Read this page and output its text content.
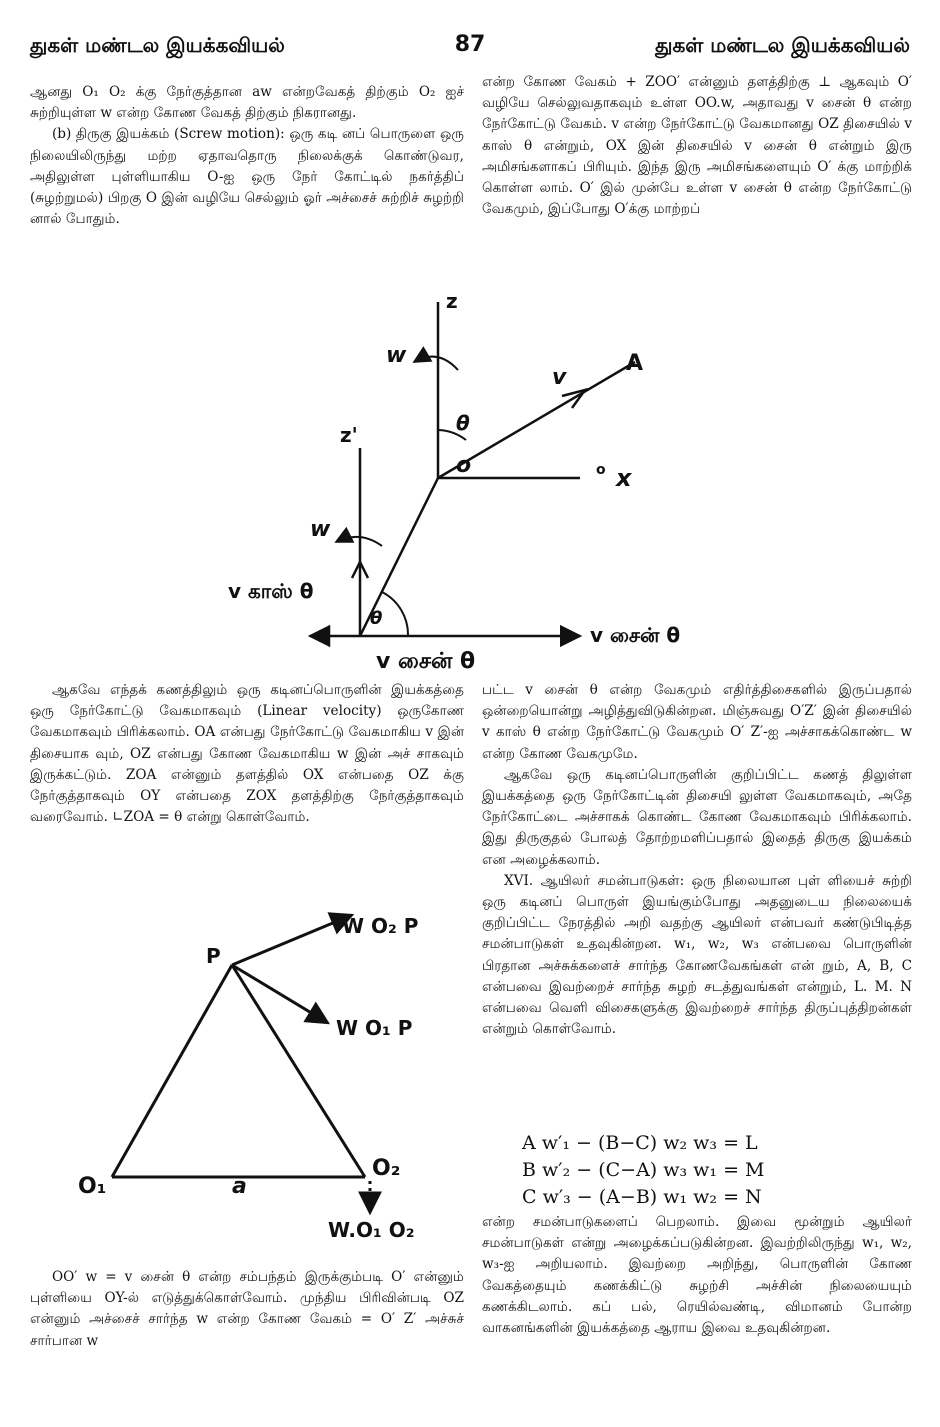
துகள் மண்டல இயக்கவியல்	87	துகள் மண்டல இயக்கவியல்

ஆனது O₁ O₂ க்கு நேர்குத்தான aw என்றவேகத் திற்கும் O₂ ஐச் சுற்றியுள்ள w என்ற கோண வேகத் திற்கும் நிகரானது.

(b) திருகு இயக்கம் (Screw motion): ஒரு கடி னப் பொருளை ஒரு நிலையிலிருந்து மற்ற ஏதாவதொரு நிலைக்குக் கொண்டுவர, அதிலுள்ள புள்ளியாகிய O-ஐ ஒரு நேர் கோட்டில் நகர்த்திப் (சுழற்றுமல்) பிறகு O இன் வழியே செல்லும் ஓர் அச்சைச் சுற்றிச் சுழற்றி னால் போதும்.

என்ற கோண வேகம் + ZOO′ என்னும் தளத்திற்கு ⊥ ஆகவும் O′ வழியே செல்லுவதாகவும் உள்ள OO.w, அதாவது v சைன் θ என்ற நேர்கோட்டு வேகம். v என்ற நேர்கோட்டு வேகமானது OZ திசையில் v காஸ் θ என்றும், OX இன் திசையில் v சைன் θ என்றும் இரு அமிசங்களாகப் பிரியும். இந்த இரு அமிசங்களையும் O′ க்கு மாற்றிக் கொள்ள லாம். O′ இல் முன்பே உள்ள v சைன் θ என்ற நேர்கோட்டு வேகமும், இப்போது O′க்கு மாற்றப்

z
z'
w
w
v
A
θ
o	x
o
θ
v காஸ் θ
v சைன் θ
v சைன் θ

ஆகவே எந்தக் கணத்திலும் ஒரு கடினப்பொருளின் இயக்கத்தை ஒரு நேர்கோட்டு வேகமாகவும் (Linear velocity) ஒருகோண வேகமாகவும் பிரிக்கலாம். OA என்பது நேர்கோட்டு வேகமாகிய v இன் திசையாக வும், OZ என்பது கோண வேகமாகிய w இன் அச் சாகவும் இருக்கட்டும். ZOA என்னும் தளத்தில் OX என்பதை OZ க்கு நேர்குத்தாகவும் OY என்பதை ZOX தளத்திற்கு நேர்குத்தாகவும் வரைவோம். ∟ZOA = θ என்று கொள்வோம்.

பட்ட v சைன் θ என்ற வேகமும் எதிர்த்திசைகளில் இருப்பதால் ஒன்றையொன்று அழித்துவிடுகின்றன. மிஞ்சுவது O′Z′ இன் திசையில் v காஸ் θ என்ற நேர்கோட்டு வேகமும் O′ Z′-ஐ அச்சாகக்கொண்ட w என்ற கோண வேகமுமே.

ஆகவே ஒரு கடினப்பொருளின் குறிப்பிட்ட கணத் திலுள்ள இயக்கத்தை ஒரு நேர்கோட்டின் திசையி லுள்ள வேகமாகவும், அதே நேர்கோட்டை அச்சாகக் கொண்ட கோண வேகமாகவும் பிரிக்கலாம். இது திருகுதல் போலத் தோற்றமளிப்பதால் இதைத் திருகு இயக்கம் என அழைக்கலாம்.

XVI. ஆயிலர் சமன்பாடுகள்: ஒரு நிலையான புள் ளியைச் சுற்றி ஒரு கடினப் பொருள் இயங்கும்போது அதனுடைய நிலையைக் குறிப்பிட்ட நேரத்தில் அறி வதற்கு ஆயிலர் என்பவர் கண்டுபிடித்த சமன்பாடுகள் உதவுகின்றன. w₁, w₂, w₃ என்பவை பொருளின் பிரதான அச்சுக்களைச் சார்ந்த கோணவேகங்கள் என் றும், A, B, C என்பவை இவற்றைச் சார்ந்த சுழற் சடத்துவங்கள் என்றும், L. M. N என்பவை வெளி விசைகளுக்கு இவற்றைச் சார்ந்த திருப்புத்திறன்கள் என்றும் கொள்வோம்.

A w′₁ − (B−C) w₂ w₃ = L
B w′₂ − (C−A) w₃ w₁ = M
C w′₃ − (A−B) w₁ w₂ = N

என்ற சமன்பாடுகளைப் பெறலாம். இவை மூன்றும் ஆயிலர் சமன்பாடுகள் என்று அழைக்கப்படுகின்றன. இவற்றிலிருந்து w₁, w₂, w₃-ஐ அறியலாம். இவற்றை அறிந்து, பொருளின் கோண வேகத்தையும் கணக்கிட்டு சுழற்சி அச்சின் நிலையையும் கணக்கிடலாம். கப் பல், ரெயில்வண்டி, விமானம் போன்ற வாகனங்களின் இயக்கத்தை ஆராய இவை உதவுகின்றன.

P
W O₂ P
W O₁ P
O₁	a
O₂
W.O₁ O₂

OO′ w = v சைன் θ என்ற சம்பந்தம் இருக்கும்படி O′ என்னும் புள்ளியை OY-ல் எடுத்துக்கொள்வோம். முந்திய பிரிவின்படி OZ என்னும் அச்சைச் சார்ந்த w என்ற கோண வேகம் = O′ Z′ அச்சுச் சார்பான w
